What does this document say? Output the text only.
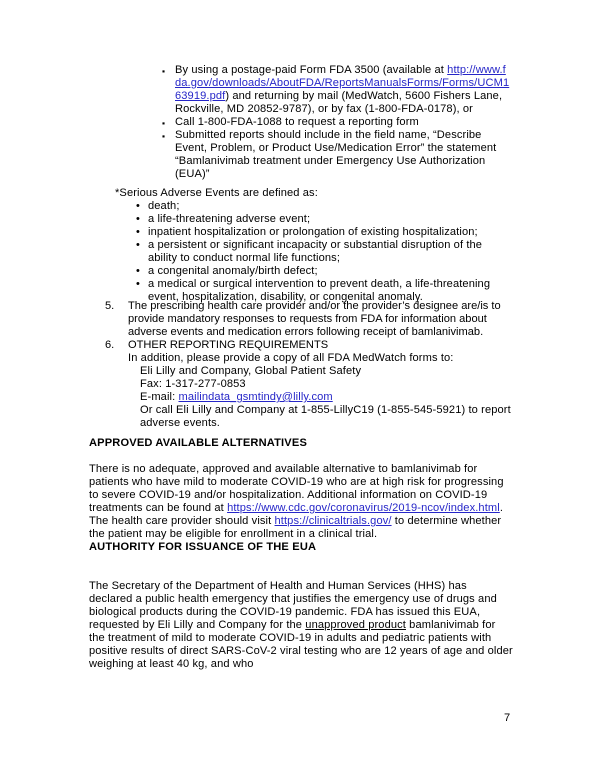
▪ By using a postage-paid Form FDA 3500 (available at http://www.fda.gov/downloads/AboutFDA/ReportsManualsForms/Forms/UCM163919.pdf) and returning by mail (MedWatch, 5600 Fishers Lane, Rockville, MD 20852-9787), or by fax (1-800-FDA-0178), or
▪ Call 1-800-FDA-1088 to request a reporting form
▪ Submitted reports should include in the field name, “Describe Event, Problem, or Product Use/Medication Error” the statement “Bamlanivimab treatment under Emergency Use Authorization (EUA)”
*Serious Adverse Events are defined as:
• death;
• a life-threatening adverse event;
• inpatient hospitalization or prolongation of existing hospitalization;
• a persistent or significant incapacity or substantial disruption of the ability to conduct normal life functions;
• a congenital anomaly/birth defect;
• a medical or surgical intervention to prevent death, a life-threatening event, hospitalization, disability, or congenital anomaly.
5.	The prescribing health care provider and/or the provider’s designee are/is to provide mandatory responses to requests from FDA for information about adverse events and medication errors following receipt of bamlanivimab.
6.	OTHER REPORTING REQUIREMENTS
In addition, please provide a copy of all FDA MedWatch forms to:
Eli Lilly and Company, Global Patient Safety
Fax: 1-317-277-0853
E-mail: mailindata_gsmtindy@lilly.com
Or call Eli Lilly and Company at 1-855-LillyC19 (1-855-545-5921) to report
adverse events.
APPROVED AVAILABLE ALTERNATIVES
There is no adequate, approved and available alternative to bamlanivimab for patients who have mild to moderate COVID-19 who are at high risk for progressing to severe COVID-19 and/or hospitalization. Additional information on COVID-19 treatments can be found at https://www.cdc.gov/coronavirus/2019-ncov/index.html. The health care provider should visit https://clinicaltrials.gov/ to determine whether the patient may be eligible for enrollment in a clinical trial.
AUTHORITY FOR ISSUANCE OF THE EUA
The Secretary of the Department of Health and Human Services (HHS) has declared a public health emergency that justifies the emergency use of drugs and biological products during the COVID-19 pandemic. FDA has issued this EUA, requested by Eli Lilly and Company for the unapproved product bamlanivimab for the treatment of mild to moderate COVID-19 in adults and pediatric patients with positive results of direct SARS-CoV-2 viral testing who are 12 years of age and older weighing at least 40 kg, and who
7
